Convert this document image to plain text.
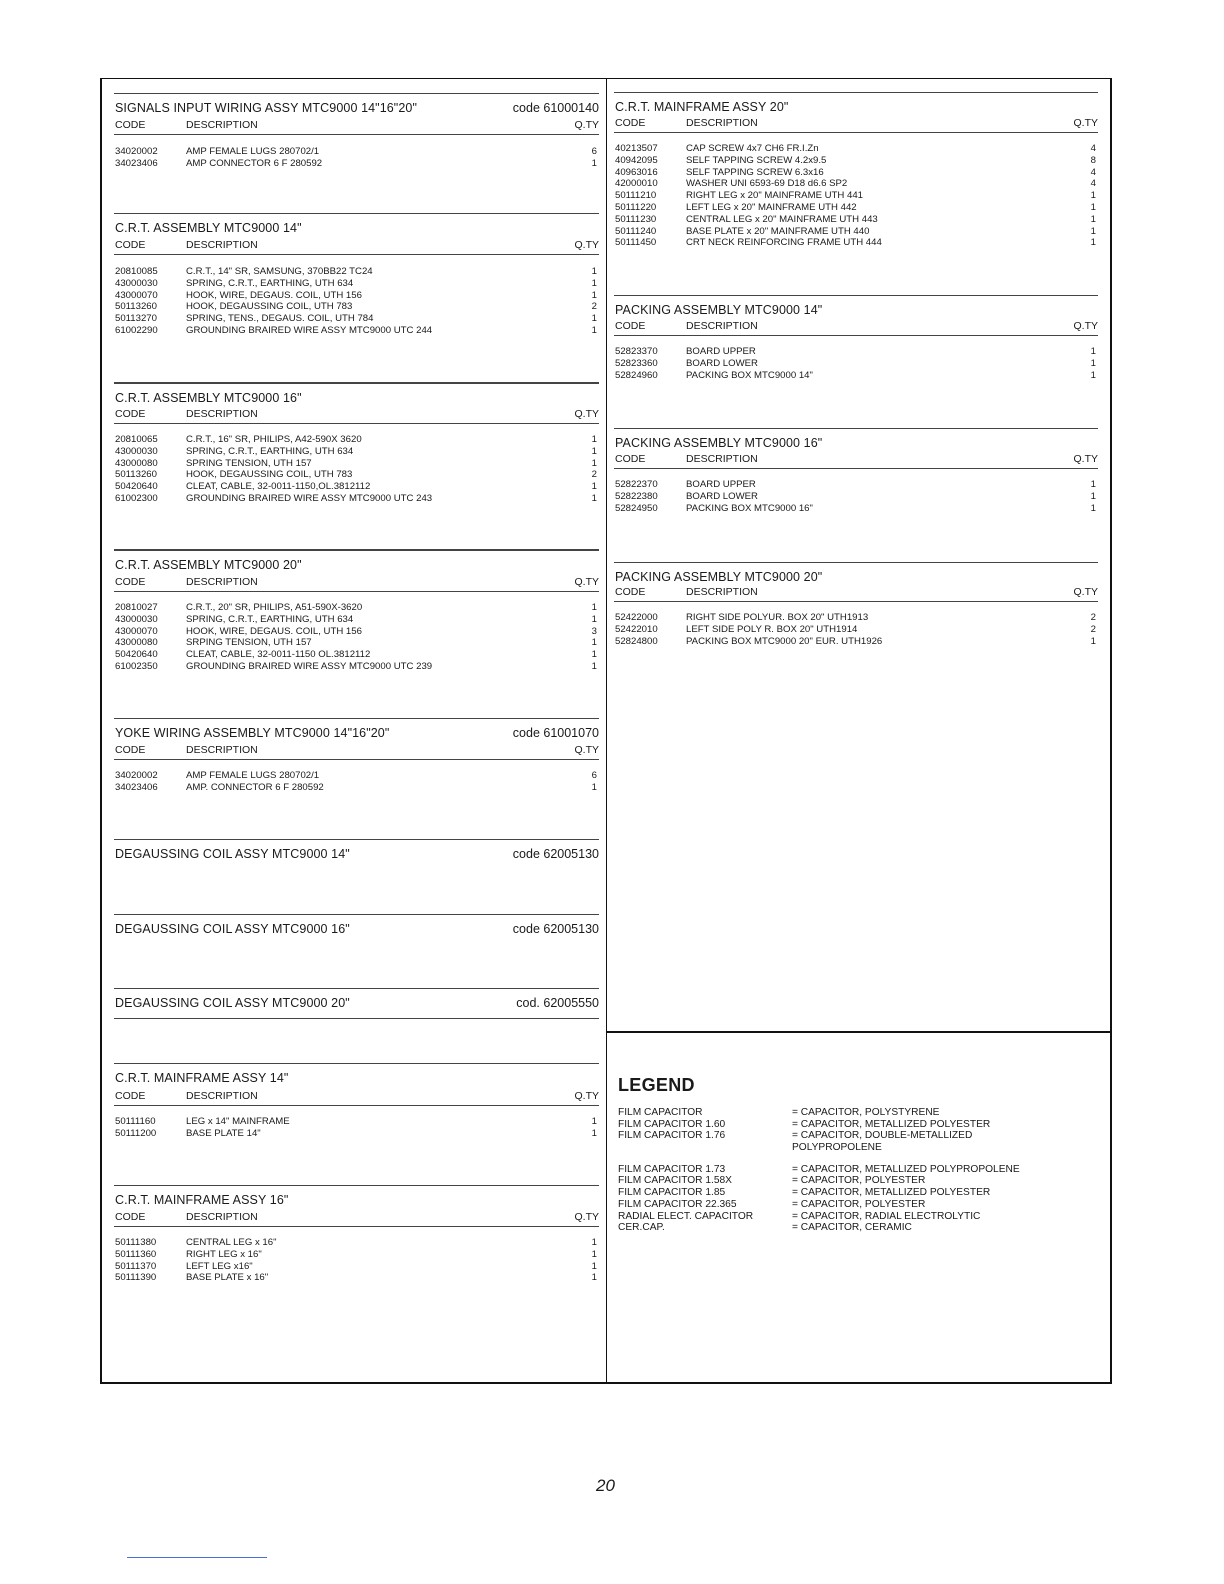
SIGNALS INPUT WIRING ASSY MTC9000 14"16"20"	code 61000140
CODE	DESCRIPTION	Q.TY
34020002	AMP FEMALE LUGS 280702/1	6
34023406	AMP CONNECTOR 6 F 280592	1
C.R.T. ASSEMBLY MTC9000 14"
CODE	DESCRIPTION	Q.TY
20810085	C.R.T., 14" SR, SAMSUNG, 370BB22 TC24	1
43000030	SPRING, C.R.T., EARTHING, UTH 634	1
43000070	HOOK, WIRE, DEGAUS. COIL, UTH 156	1
50113260	HOOK, DEGAUSSING COIL, UTH 783	2
50113270	SPRING, TENS., DEGAUS. COIL, UTH 784	1
61002290	GROUNDING BRAIRED WIRE ASSY MTC9000 UTC 244	1
C.R.T. ASSEMBLY MTC9000 16"
CODE	DESCRIPTION	Q.TY
20810065	C.R.T., 16" SR, PHILIPS, A42-590X 3620	1
43000030	SPRING, C.R.T., EARTHING, UTH 634	1
43000080	SPRING TENSION, UTH 157	1
50113260	HOOK, DEGAUSSING COIL, UTH 783	2
50420640	CLEAT, CABLE, 32-0011-1150,OL.3812112	1
61002300	GROUNDING BRAIRED WIRE ASSY MTC9000 UTC 243	1
C.R.T. ASSEMBLY MTC9000 20"
CODE	DESCRIPTION	Q.TY
20810027	C.R.T., 20" SR, PHILIPS, A51-590X-3620	1
43000030	SPRING, C.R.T., EARTHING, UTH 634	1
43000070	HOOK, WIRE, DEGAUS. COIL, UTH 156	3
43000080	SRPING TENSION, UTH 157	1
50420640	CLEAT, CABLE, 32-0011-1150 OL.3812112	1
61002350	GROUNDING BRAIRED WIRE ASSY MTC9000 UTC 239	1
YOKE WIRING ASSEMBLY MTC9000 14"16"20"	code 61001070
CODE	DESCRIPTION	Q.TY
34020002	AMP FEMALE LUGS 280702/1	6
34023406	AMP. CONNECTOR 6 F 280592	1
DEGAUSSING COIL ASSY MTC9000 14"	code 62005130
DEGAUSSING COIL ASSY MTC9000 16"	code 62005130
DEGAUSSING COIL ASSY MTC9000 20"	cod. 62005550
C.R.T. MAINFRAME ASSY 14"
CODE	DESCRIPTION	Q.TY
50111160	LEG x 14" MAINFRAME	1
50111200	BASE PLATE 14"	1
C.R.T. MAINFRAME ASSY 16"
CODE	DESCRIPTION	Q.TY
50111380	CENTRAL LEG x 16"	1
50111360	RIGHT LEG x 16"	1
50111370	LEFT LEG x16"	1
50111390	BASE PLATE x 16"	1
C.R.T. MAINFRAME ASSY 20"
CODE	DESCRIPTION	Q.TY
40213507	CAP SCREW 4x7 CH6 FR.I.Zn	4
40942095	SELF TAPPING SCREW 4.2x9.5	8
40963016	SELF TAPPING SCREW 6.3x16	4
42000010	WASHER UNI 6593-69 D18 d6.6 SP2	4
50111210	RIGHT LEG x 20" MAINFRAME UTH 441	1
50111220	LEFT LEG x 20" MAINFRAME UTH 442	1
50111230	CENTRAL LEG x 20" MAINFRAME UTH 443	1
50111240	BASE PLATE x 20" MAINFRAME UTH 440	1
50111450	CRT NECK REINFORCING FRAME UTH 444	1
PACKING ASSEMBLY MTC9000 14"
CODE	DESCRIPTION	Q.TY
52823370	BOARD UPPER	1
52823360	BOARD LOWER	1
52824960	PACKING BOX MTC9000 14"	1
PACKING ASSEMBLY MTC9000 16"
CODE	DESCRIPTION	Q.TY
52822370	BOARD UPPER	1
52822380	BOARD LOWER	1
52824950	PACKING BOX MTC9000 16"	1
PACKING ASSEMBLY MTC9000 20"
CODE	DESCRIPTION	Q.TY
52422000	RIGHT SIDE POLYUR. BOX 20" UTH1913	2
52422010	LEFT SIDE POLY R. BOX 20" UTH1914	2
52824800	PACKING BOX MTC9000 20" EUR. UTH1926	1
LEGEND
FILM CAPACITOR	= CAPACITOR, POLYSTYRENE
FILM CAPACITOR 1.60	= CAPACITOR, METALLIZED POLYESTER
FILM CAPACITOR 1.76	= CAPACITOR, DOUBLE-METALLIZED
POLYPROPOLENE
FILM CAPACITOR 1.73	= CAPACITOR, METALLIZED POLYPROPOLENE
FILM CAPACITOR 1.58X	= CAPACITOR, POLYESTER
FILM CAPACITOR 1.85	= CAPACITOR, METALLIZED POLYESTER
FILM CAPACITOR 22.365	= CAPACITOR, POLYESTER
RADIAL ELECT. CAPACITOR	= CAPACITOR, RADIAL ELECTROLYTIC
CER.CAP.	= CAPACITOR, CERAMIC
20
